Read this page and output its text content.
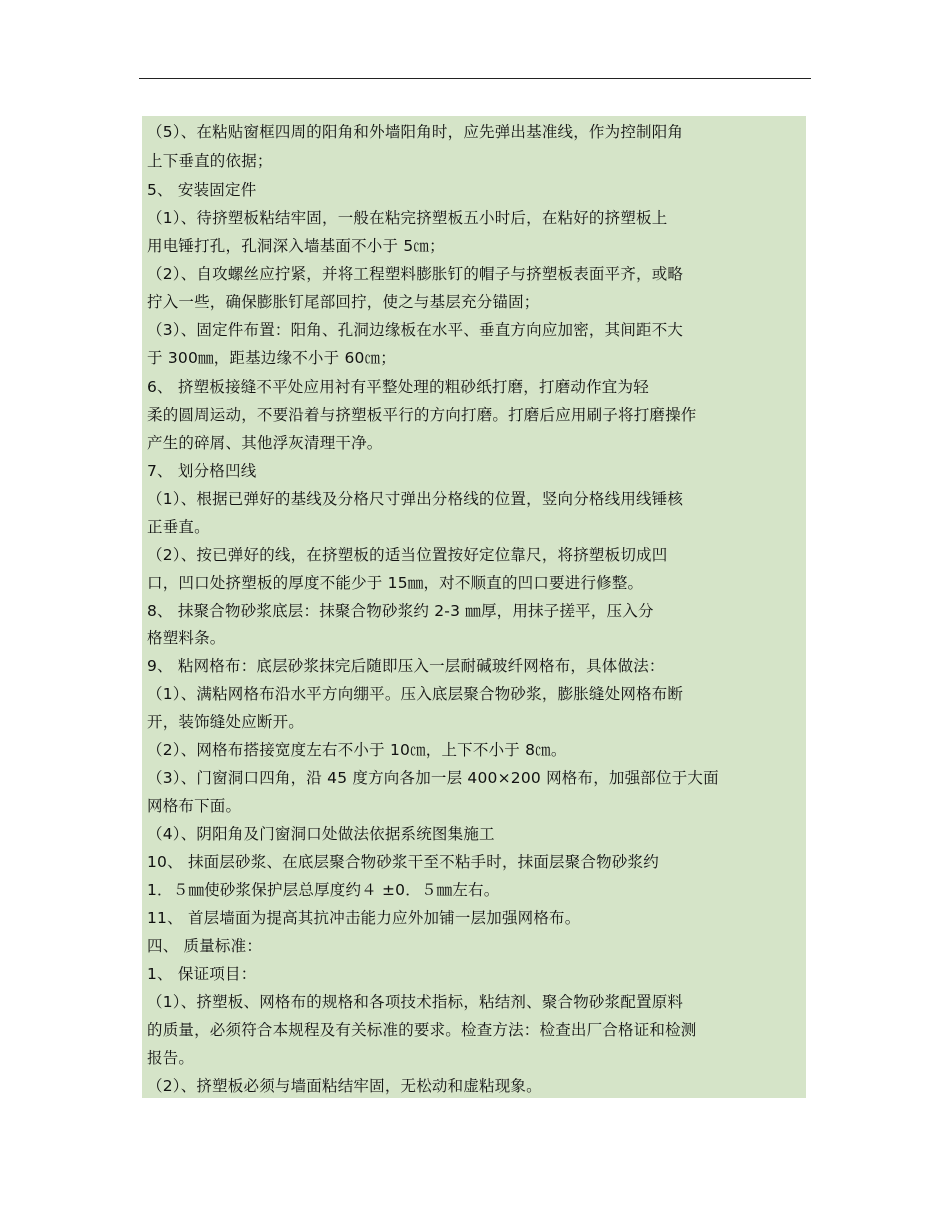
（5）、在粘贴窗框四周的阳角和外墙阳角时，应先弹出基准线，作为控制阳角
上下垂直的依据；
5、 安装固定件
（1）、待挤塑板粘结牢固，一般在粘完挤塑板五小时后，在粘好的挤塑板上
用电锤打孔，孔洞深入墙基面不小于 5㎝；
（2）、自攻螺丝应拧紧，并将工程塑料膨胀钉的帽子与挤塑板表面平齐，或略
拧入一些，确保膨胀钉尾部回拧，使之与基层充分锚固；
（3）、固定件布置：阳角、孔洞边缘板在水平、垂直方向应加密，其间距不大
于 300㎜，距基边缘不小于 60㎝；
6、 挤塑板接缝不平处应用衬有平整处理的粗砂纸打磨，打磨动作宜为轻
柔的圆周运动，不要沿着与挤塑板平行的方向打磨。打磨后应用刷子将打磨操作
产生的碎屑、其他浮灰清理干净。
7、 划分格凹线
（1）、根据已弹好的基线及分格尺寸弹出分格线的位置，竖向分格线用线锤核
正垂直。
（2）、按已弹好的线，在挤塑板的适当位置按好定位靠尺，将挤塑板切成凹
口，凹口处挤塑板的厚度不能少于 15㎜，对不顺直的凹口要进行修整。
8、 抹聚合物砂浆底层：抹聚合物砂浆约 2-3 ㎜厚，用抹子搓平，压入分
格塑料条。
9、 粘网格布：底层砂浆抹完后随即压入一层耐碱玻纤网格布，具体做法：
（1）、满粘网格布沿水平方向绷平。压入底层聚合物砂浆，膨胀缝处网格布断
开，装饰缝处应断开。
（2）、网格布搭接宽度左右不小于 10㎝，上下不小于 8㎝。
（3）、门窗洞口四角，沿 45 度方向各加一层 400×200 网格布，加强部位于大面
网格布下面。
（4）、阴阳角及门窗洞口处做法依据系统图集施工
10、 抹面层砂浆、在底层聚合物砂浆干至不粘手时，抹面层聚合物砂浆约
1．５㎜使砂浆保护层总厚度约４ ±0．５㎜左右。
11、 首层墙面为提高其抗冲击能力应外加铺一层加强网格布。
四、 质量标准：
1、 保证项目：
（1）、挤塑板、网格布的规格和各项技术指标，粘结剂、聚合物砂浆配置原料
的质量，必须符合本规程及有关标准的要求。检查方法：检查出厂合格证和检测
报告。
（2）、挤塑板必须与墙面粘结牢固，无松动和虚粘现象。
